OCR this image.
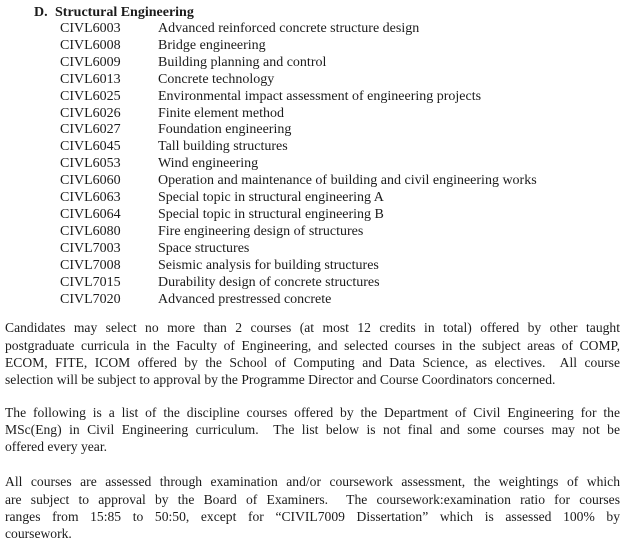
D. Structural Engineering
CIVL6003	Advanced reinforced concrete structure design
CIVL6008	Bridge engineering
CIVL6009	Building planning and control
CIVL6013	Concrete technology
CIVL6025	Environmental impact assessment of engineering projects
CIVL6026	Finite element method
CIVL6027	Foundation engineering
CIVL6045	Tall building structures
CIVL6053	Wind engineering
CIVL6060	Operation and maintenance of building and civil engineering works
CIVL6063	Special topic in structural engineering A
CIVL6064	Special topic in structural engineering B
CIVL6080	Fire engineering design of structures
CIVL7003	Space structures
CIVL7008	Seismic analysis for building structures
CIVL7015	Durability design of concrete structures
CIVL7020	Advanced prestressed concrete
Candidates may select no more than 2 courses (at most 12 credits in total) offered by other taught
postgraduate curricula in the Faculty of Engineering, and selected courses in the subject areas of COMP,
ECOM, FITE, ICOM offered by the School of Computing and Data Science, as electives.  All course
selection will be subject to approval by the Programme Director and Course Coordinators concerned.
The following is a list of the discipline courses offered by the Department of Civil Engineering for the
MSc(Eng) in Civil Engineering curriculum.  The list below is not final and some courses may not be
offered every year.
All courses are assessed through examination and/or coursework assessment, the weightings of which
are subject to approval by the Board of Examiners.  The coursework:examination ratio for courses
ranges from 15:85 to 50:50, except for “CIVIL7009 Dissertation” which is assessed 100% by
coursework.
